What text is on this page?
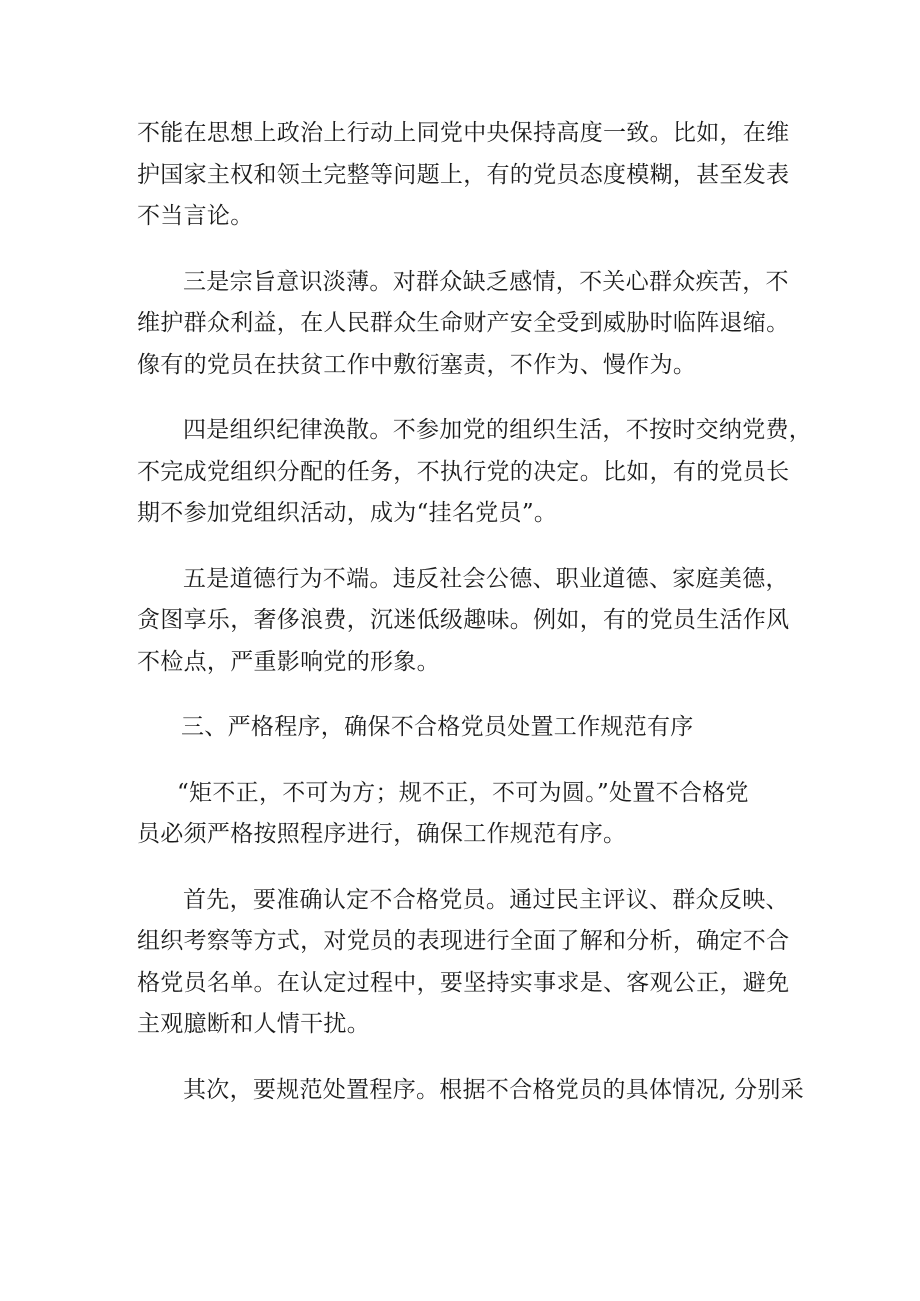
不能在思想上政治上行动上同党中央保持高度一致。比如，在维
护国家主权和领土完整等问题上，有的党员态度模糊，甚至发表
不当言论。

三是宗旨意识淡薄。对群众缺乏感情，不关心群众疾苦，不
维护群众利益，在人民群众生命财产安全受到威胁时临阵退缩。
像有的党员在扶贫工作中敷衍塞责，不作为、慢作为。

四是组织纪律涣散。不参加党的组织生活，不按时交纳党费，
不完成党组织分配的任务，不执行党的决定。比如，有的党员长
期不参加党组织活动，成为“挂名党员”。

五是道德行为不端。违反社会公德、职业道德、家庭美德，
贪图享乐，奢侈浪费，沉迷低级趣味。例如，有的党员生活作风
不检点，严重影响党的形象。

三、严格程序，确保不合格党员处置工作规范有序

“矩不正，不可为方；规不正，不可为圆。”处置不合格党
员必须严格按照程序进行，确保工作规范有序。

首先，要准确认定不合格党员。通过民主评议、群众反映、
组织考察等方式，对党员的表现进行全面了解和分析，确定不合
格党员名单。在认定过程中，要坚持实事求是、客观公正，避免
主观臆断和人情干扰。

其次，要规范处置程序。根据不合格党员的具体情况, 分别采
